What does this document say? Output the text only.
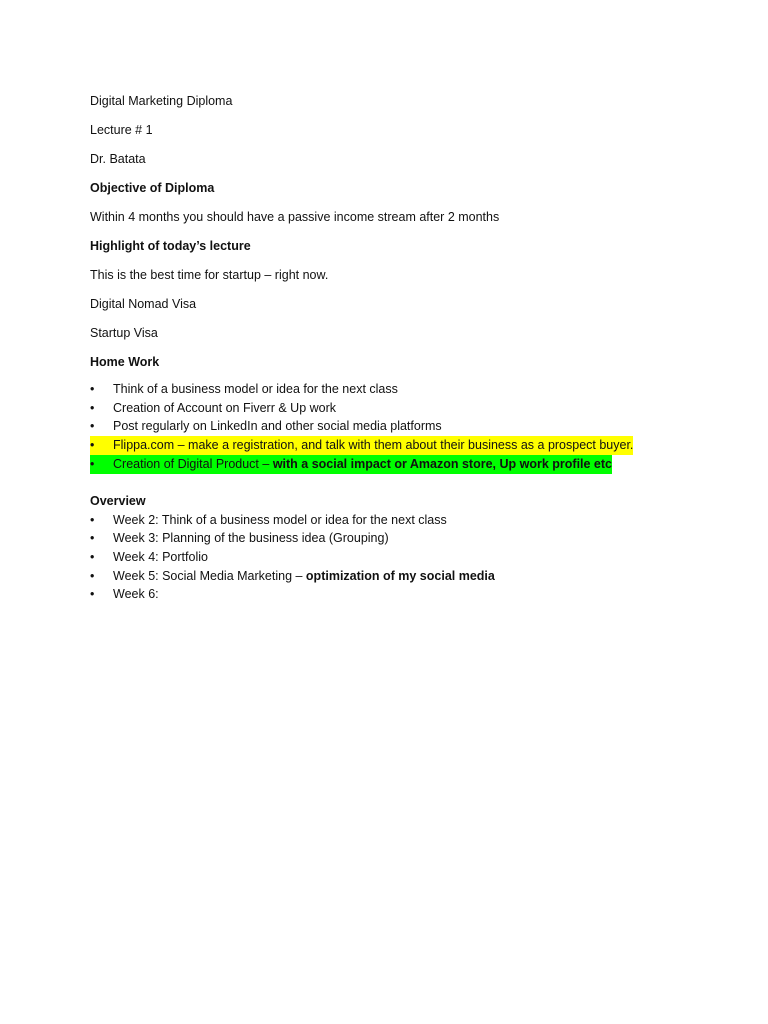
Digital Marketing Diploma

Lecture # 1

Dr. Batata

Objective of Diploma

Within 4 months you should have a passive income stream after 2 months

Highlight of today’s lecture

This is the best time for startup – right now.

Digital Nomad Visa

Startup Visa

Home Work

• Think of a business model or idea for the next class
• Creation of Account on Fiverr & Up work
• Post regularly on LinkedIn and other social media platforms
• Flippa.com – make a registration, and talk with them about their business as a prospect buyer.
• Creation of Digital Product – with a social impact or Amazon store, Up work profile etc

Overview

• Week 2: Think of a business model or idea for the next class
• Week 3: Planning of the business idea (Grouping)
• Week 4: Portfolio
• Week 5: Social Media Marketing – optimization of my social media
• Week 6:
